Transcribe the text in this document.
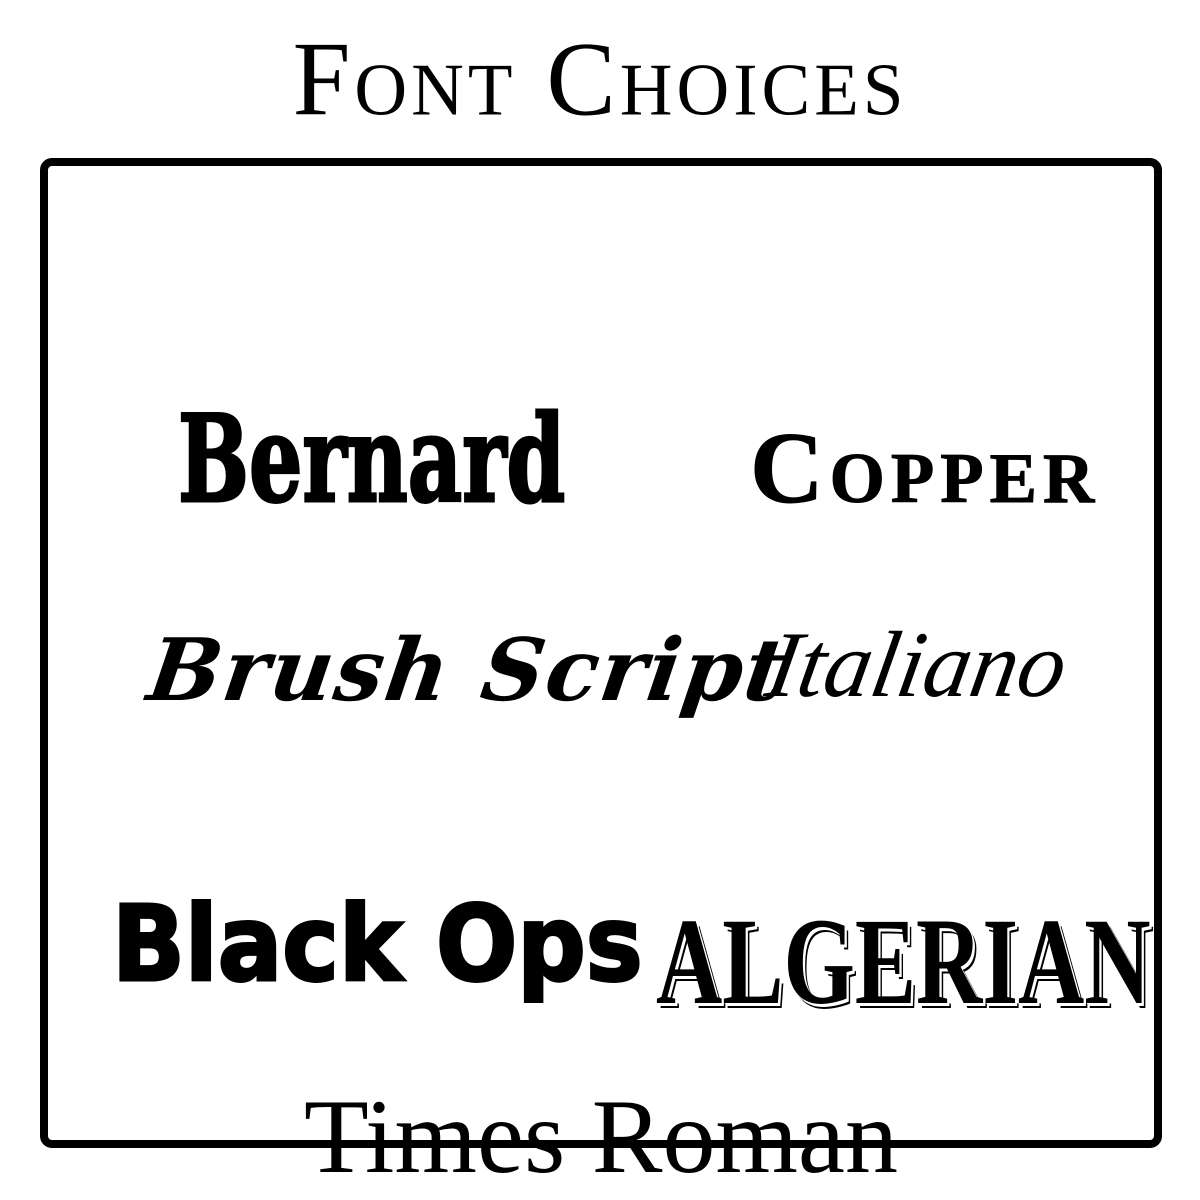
Font Choices
Bernard Copper
Brush Script
Italiano
Black Ops ALGERIAN
Times Roman
